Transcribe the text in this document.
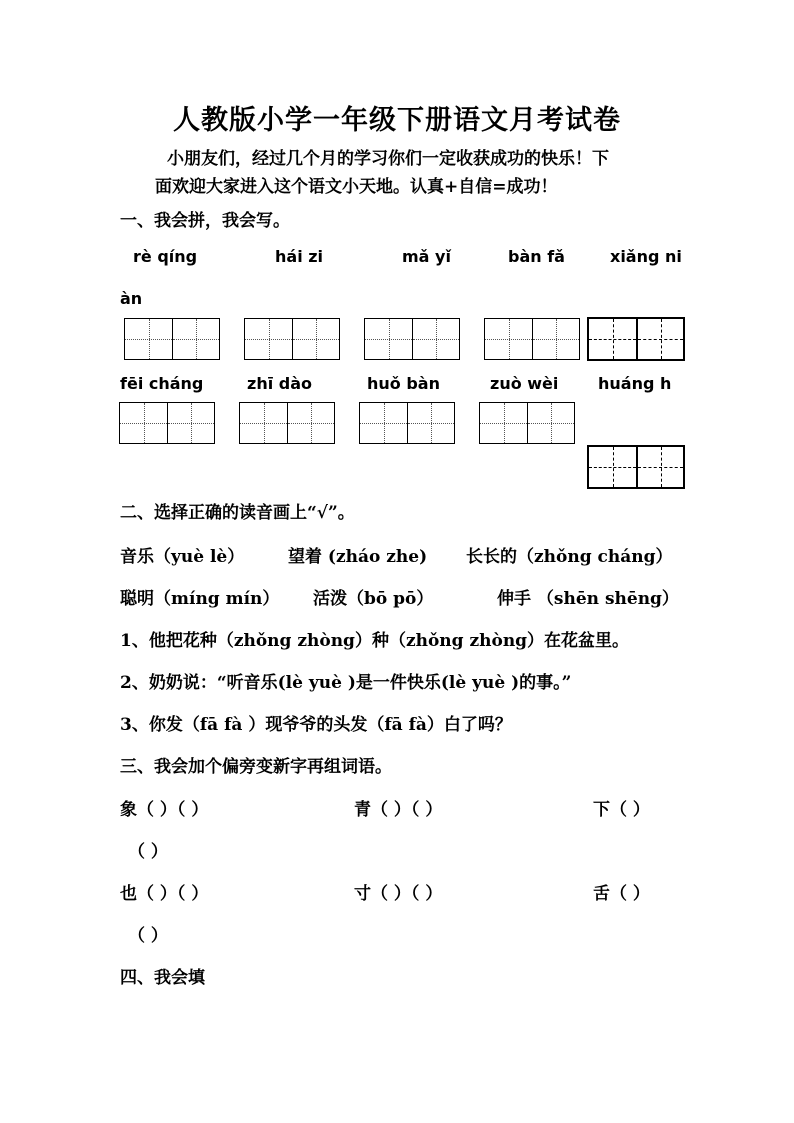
人教版小学一年级下册语文月考试卷
小朋友们，经过几个月的学习你们一定收获成功的快乐！下
面欢迎大家进入这个语文小天地。认真+自信=成功！
一、我会拼，我会写。
rè qíng	hái zi	mǎ yǐ	bàn fǎ	xiǎng ni
àn
fēi cháng	zhī dào	huǒ bàn	zuò wèi huáng h
二、选择正确的读音画上“√”。
音乐（yuè lè）	望着 (zháo zhe) 长长的（zhǒng cháng）
聪明（míng mín） 活泼（bō pō）	伸手 （shēn shēng）
1、他把花种（zhǒng zhòng）种（zhǒng zhòng）在花盆里。
2、奶奶说：“听音乐(lè yuè )是一件快乐(lè yuè )的事。”
3、你发（fā fà ）现爷爷的头发（fā fà）白了吗？
三、我会加个偏旁变新字再组词语。
象（ ）（ ）	青（ ）（ ）	下（ ）
（ ）
也（ ）（ ）	寸（ ）（ ）	舌（ ）
（ ）
四、我会填
